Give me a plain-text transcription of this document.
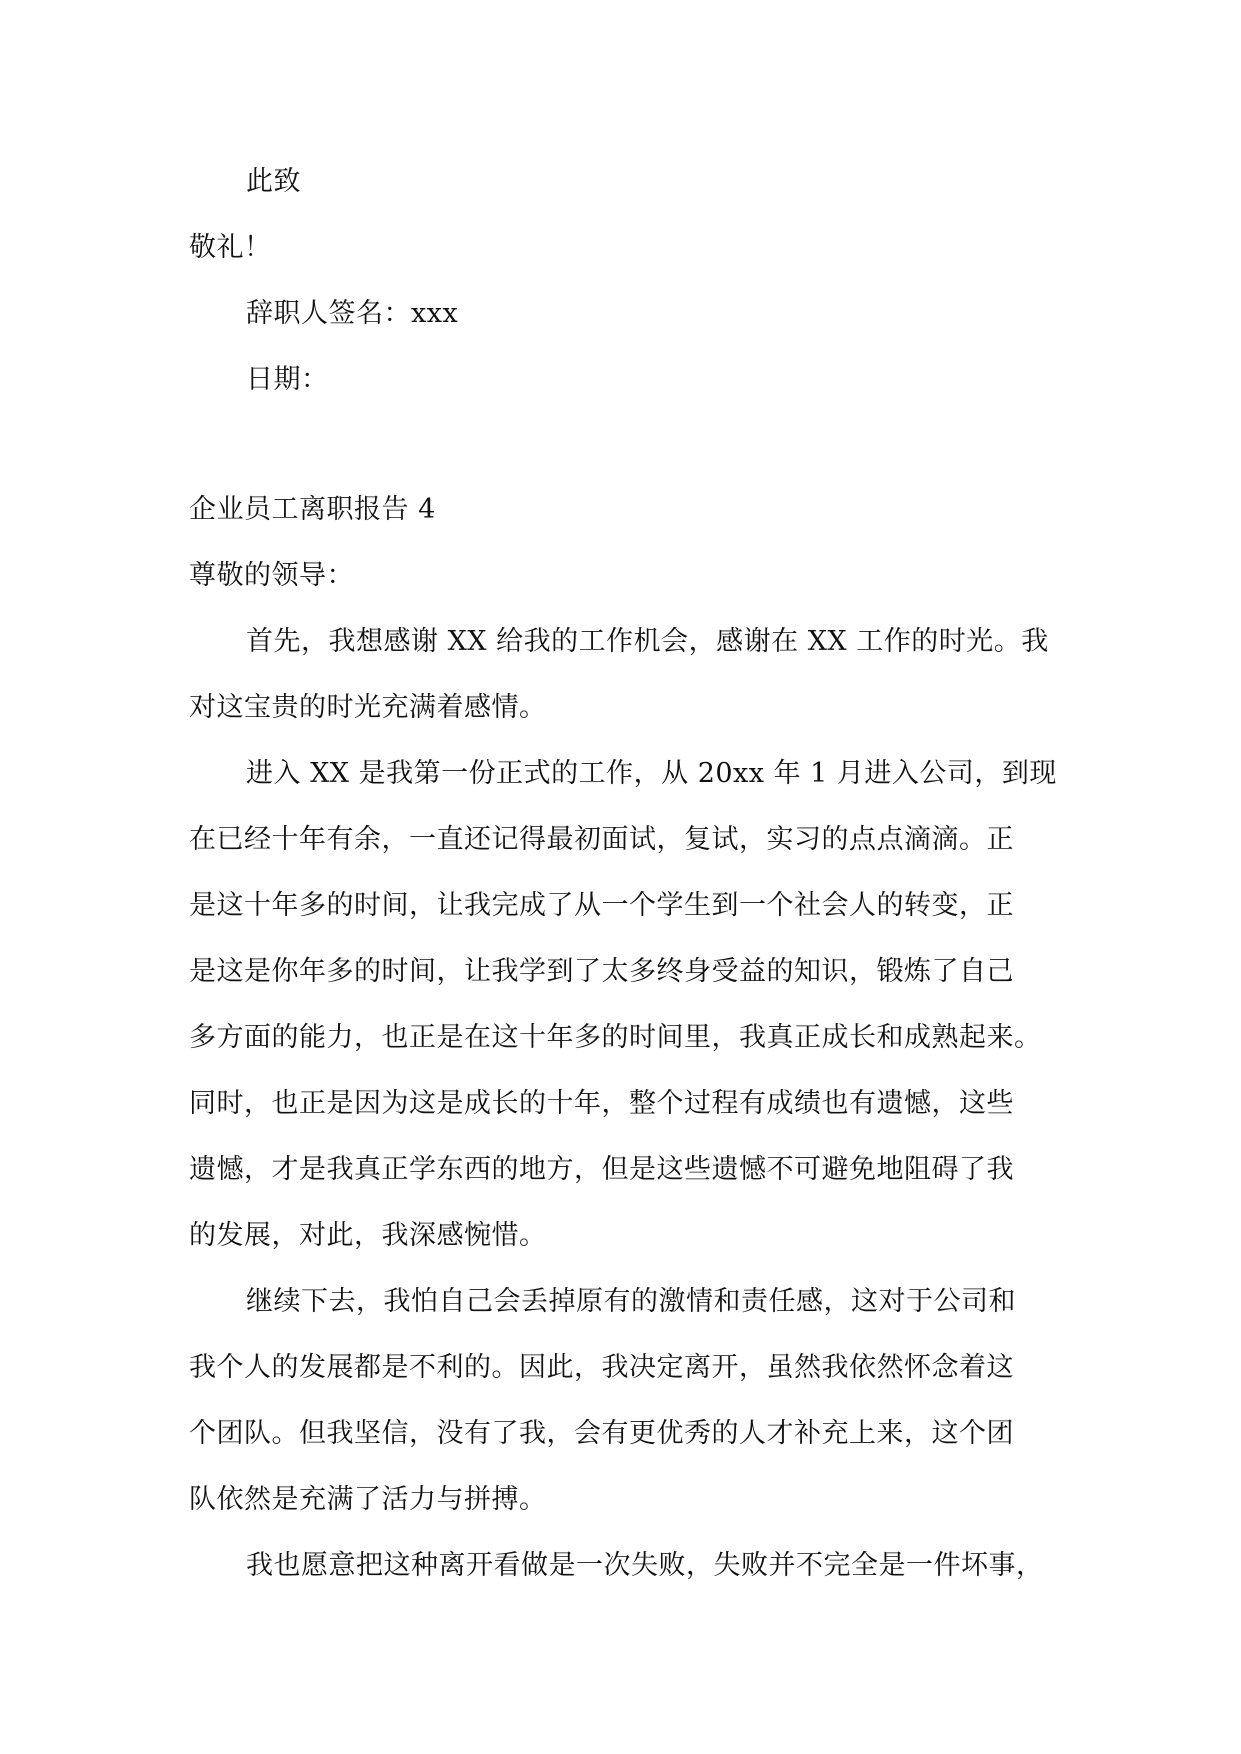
此致
敬礼！
辞职人签名：xxx
日期：
企业员工离职报告 4
尊敬的领导：
首先，我想感谢 XX 给我的工作机会，感谢在 XX 工作的时光。我
对这宝贵的时光充满着感情。
进入 XX 是我第一份正式的工作，从 20xx 年 1 月进入公司，到现
在已经十年有余，一直还记得最初面试，复试，实习的点点滴滴。正
是这十年多的时间，让我完成了从一个学生到一个社会人的转变，正
是这是你年多的时间，让我学到了太多终身受益的知识，锻炼了自己
多方面的能力，也正是在这十年多的时间里，我真正成长和成熟起来。
同时，也正是因为这是成长的十年，整个过程有成绩也有遗憾，这些
遗憾，才是我真正学东西的地方，但是这些遗憾不可避免地阻碍了我
的发展，对此，我深感惋惜。
继续下去，我怕自己会丢掉原有的激情和责任感，这对于公司和
我个人的发展都是不利的。因此，我决定离开，虽然我依然怀念着这
个团队。但我坚信，没有了我，会有更优秀的人才补充上来，这个团
队依然是充满了活力与拼搏。
我也愿意把这种离开看做是一次失败，失败并不完全是一件坏事，
